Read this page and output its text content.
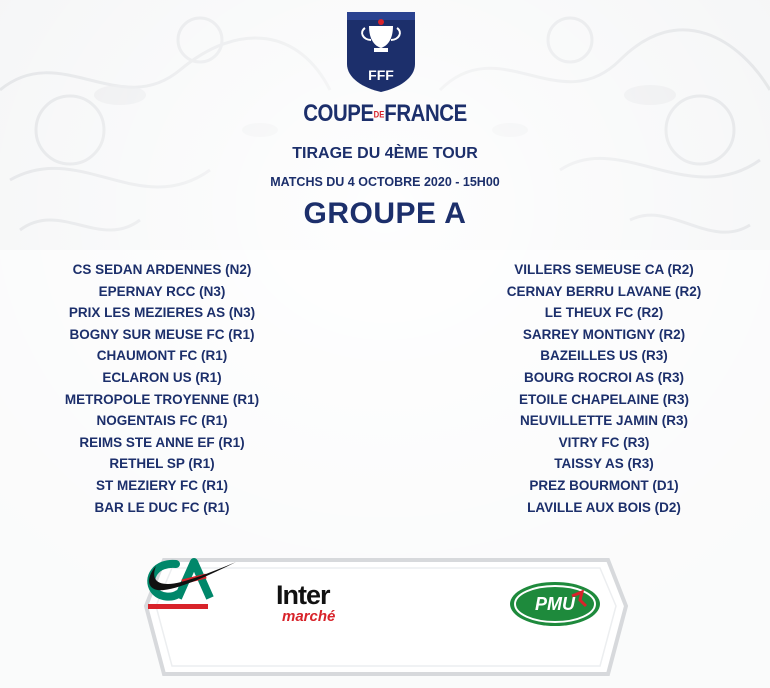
FFF
COUPEDEFRANCE
TIRAGE DU 4ÈME TOUR
MATCHS DU 4 OCTOBRE 2020 - 15H00
GROUPE A
CS SEDAN ARDENNES (N2)
EPERNAY RCC (N3)
PRIX LES MEZIERES AS (N3)
BOGNY SUR MEUSE FC (R1)
CHAUMONT FC (R1)
ECLARON US (R1)
METROPOLE TROYENNE (R1)
NOGENTAIS FC (R1)
REIMS STE ANNE EF (R1)
RETHEL SP (R1)
ST MEZIERY FC (R1)
BAR LE DUC FC (R1)
VILLERS SEMEUSE CA (R2)
CERNAY BERRU LAVANE (R2)
LE THEUX FC (R2)
SARREY MONTIGNY (R2)
BAZEILLES US (R3)
BOURG ROCROI AS (R3)
ETOILE CHAPELAINE (R3)
NEUVILLETTE JAMIN (R3)
VITRY FC (R3)
TAISSY AS (R3)
PREZ BOURMONT (D1)
LAVILLE AUX BOIS (D2)
Inter
marché
PMU
